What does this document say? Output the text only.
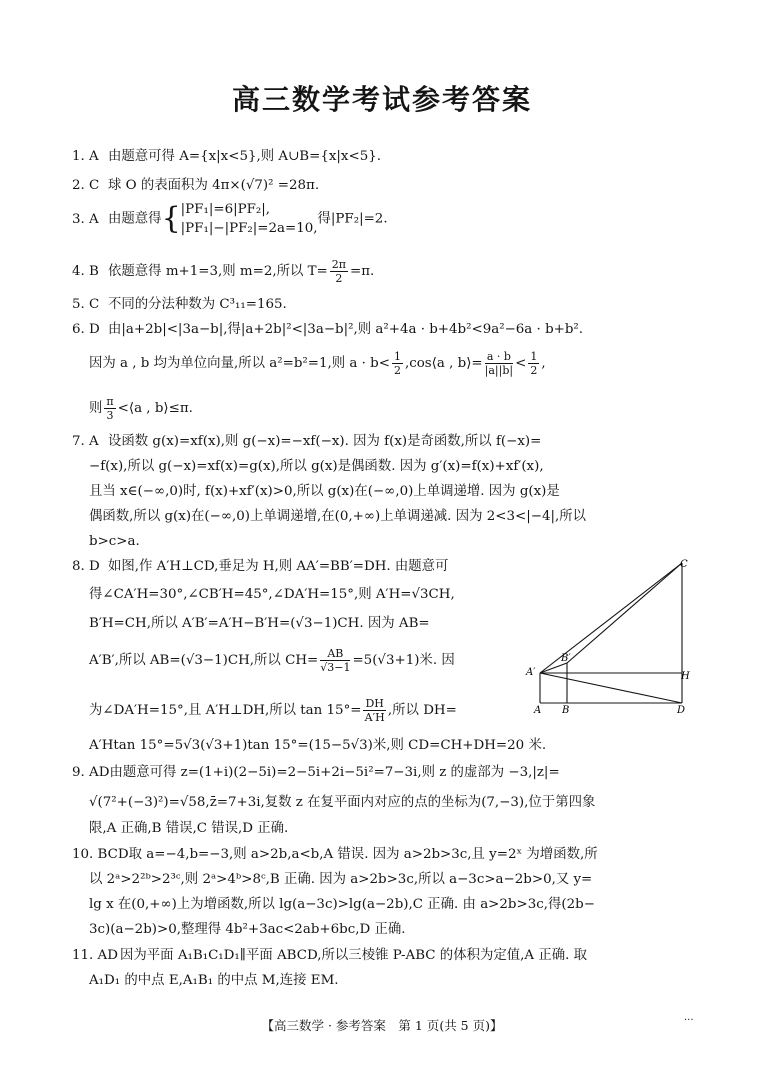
高三数学考试参考答案
1. A 由题意可得 A={x|x<5},则 A∪B={x|x<5}.
2. C 球 O 的表面积为 4π×(√7)² =28π.
3. A 由题意得{|PF₁|=6|PF₂|,
|PF₁|−|PF₂|=2a=10,得|PF₂|=2.
4. B 依题意得 m+1=3,则 m=2,所以 $T= \frac{2\pi}{2} =\pi$.
5. C 不同的分法种数为 C³₁₁=165.
6. D 由|a+2b|<|3a−b|,得|a+2b|²<|3a−b|²,则 a²+4a · b+4b²<9a²−6a · b+b².
因为 a , b 均为单位向量,所以 a²=b²=1,则 $a \cdot b< \frac{1}{2}$ ,cos⟨a , b⟩= $\frac{a \cdot b}{|a||b|} < \frac{1}{2}$ ,
则 $\frac{\pi}{3}$ <⟨a , b⟩≤π.
7. A 设函数 g(x)=xf(x),则 g(−x)=−xf(−x). 因为 f(x)是奇函数,所以 f(−x)=
−f(x),所以 g(−x)=xf(x)=g(x),所以 g(x)是偶函数. 因为 g′(x)=f(x)+xf′(x),
且当 x∈(−∞,0)时, f(x)+xf′(x)>0,所以 g(x)在(−∞,0)上单调递增. 因为 g(x)是
偶函数,所以 g(x)在(−∞,0)上单调递增,在(0,+∞)上单调递减. 因为 2<3<|−4|,所以
b>c>a.
8. D 如图,作 A′H⊥CD,垂足为 H,则 AA′=BB′=DH. 由题意可
得∠CA′H=30°,∠CB′H=45°,∠DA′H=15°,则 A′H=√3CH,
B′H=CH,所以 A′B′=A′H−B′H=(√3−1)CH. 因为 AB=
A′B′,所以 AB=(√3−1)CH,所以 $CH= \frac{AB}{√3-1} =5(√3+1)$米. 因
为∠DA′H=15°,且 A′H⊥DH,所以 $\tan 15^\circ= \frac{DH}{A'H}$ ,所以 DH=
A′Htan 15°=5√3(√3+1)tan 15°=(15−5√3)米,则 CD=CH+DH=20 米.
C
H
D
A B
A′
B′
9. AD由题意可得 z=(1+i)(2−5i)=2−5i+2i−5i²=7−3i,则 z 的虚部为 −3,|z|=
√(7²+(−3)²)=√58,z̄=7+3i,复数 z 在复平面内对应的点的坐标为(7,−3),位于第四象
限,A 正确,B 错误,C 错误,D 正确.
10. BCD取 a=−4,b=−3,则 a>2b,a<b,A 错误. 因为 a>2b>3c,且 y=2ˣ 为增函数,所
以 2ᵃ>2²ᵇ>2³ᶜ,则 2ᵃ>4ᵇ>8ᶜ,B 正确. 因为 a>2b>3c,所以 a−3c>a−2b>0,又 y=
lg x 在(0,+∞)上为增函数,所以 lg(a−3c)>lg(a−2b),C 正确. 由 a>2b>3c,得(2b−
3c)(a−2b)>0,整理得 4b²+3ac<2ab+6bc,D 正确.
11. AD 因为平面 A₁B₁C₁D₁∥平面 ABCD,所以三棱锥 P-ABC 的体积为定值,A 正确. 取
A₁D₁ 的中点 E,A₁B₁ 的中点 M,连接 EM.
【高三数学 · 参考答案　第 1 页(共 5 页)】
...
